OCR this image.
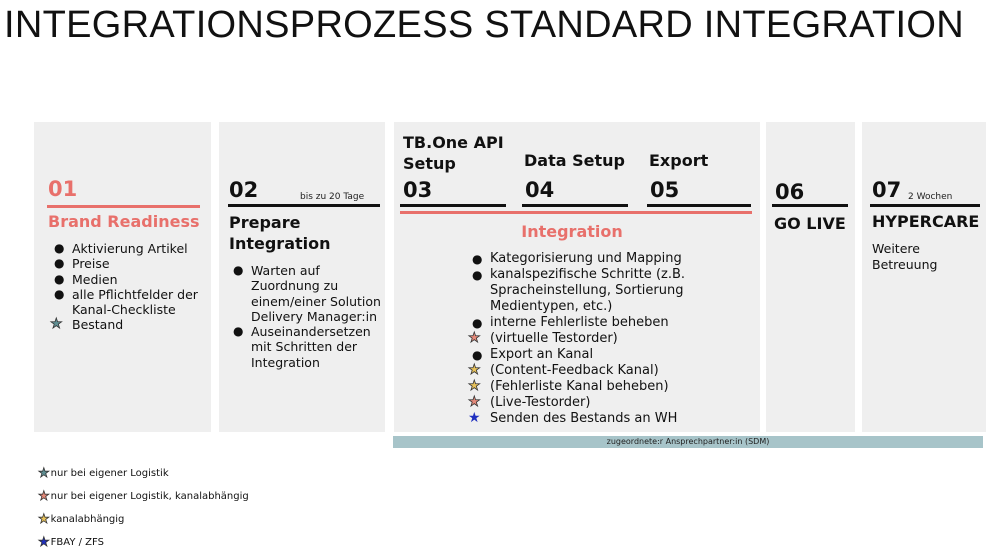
INTEGRATIONSPROZESS STANDARD INTEGRATION
01
Brand Readiness
● Aktivierung Artikel
● Preise
● Medien
● alle Pflichtfelder der
Kanal-Checkliste
★ Bestand
02	bis zu 20 Tage
Prepare
Integration
● Warten auf
Zuordnung zu
einem/einer Solution
Delivery Manager:in
● Auseinandersetzen
mit Schritten der
Integration
TB.One API
Setup
03
Data Setup
04
Export
05
Integration
● Kategorisierung und Mapping
● kanalspezifische Schritte (z.B.
Spracheinstellung, Sortierung
Medientypen, etc.)
● interne Fehlerliste beheben
★ (virtuelle Testorder)
● Export an Kanal
★ (Content-Feedback Kanal)
★ (Fehlerliste Kanal beheben)
★ (Live-Testorder)
★ Senden des Bestands an WH
06
GO LIVE
07 2 Wochen
HYPERCARE
Weitere
Betreuung
zugeordnete:r Ansprechpartner:in (SDM)
★nur bei eigener Logistik
★nur bei eigener Logistik, kanalabhängig
★kanalabhängig
★FBAY / ZFS
